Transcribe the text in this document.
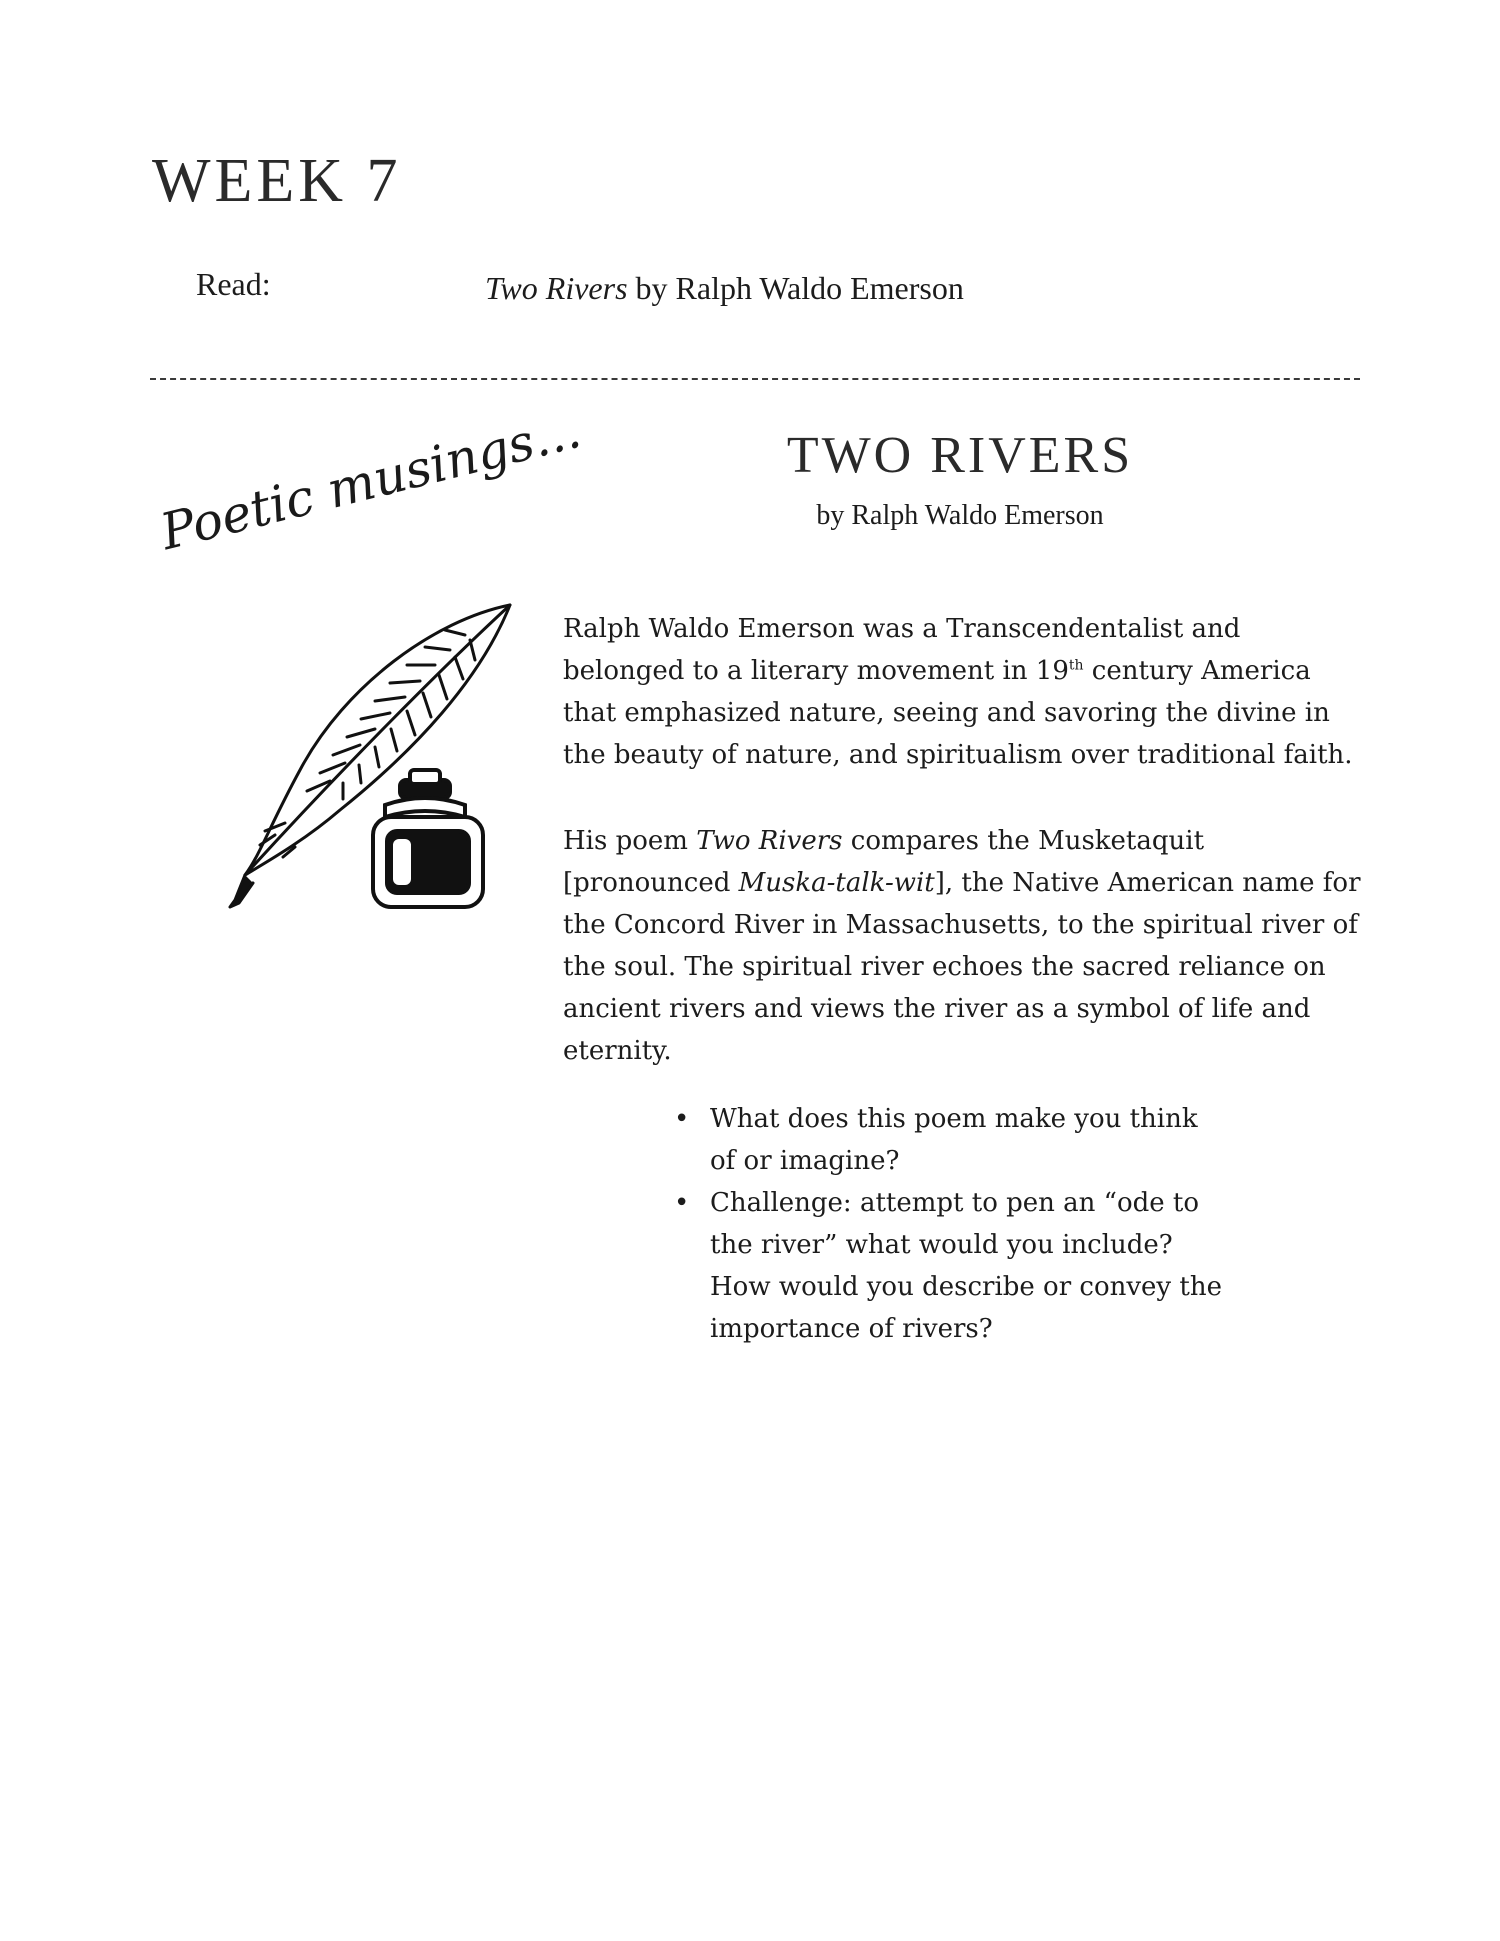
WEEK 7
Read:	Two Rivers by Ralph Waldo Emerson
TWO RIVERS
by Ralph Waldo Emerson
Poetic musings...

Ralph Waldo Emerson was a Transcendentalist and belonged to a literary movement in 19th century America that emphasized nature, seeing and savoring the divine in the beauty of nature, and spiritualism over traditional faith.

His poem Two Rivers compares the Musketaquit [pronounced Muska-talk-wit], the Native American name for the Concord River in Massachusetts, to the spiritual river of the soul. The spiritual river echoes the sacred reliance on ancient rivers and views the river as a symbol of life and eternity.

• What does this poem make you think of or imagine?
• Challenge: attempt to pen an “ode to the river” what would you include? How would you describe or convey the importance of rivers?
